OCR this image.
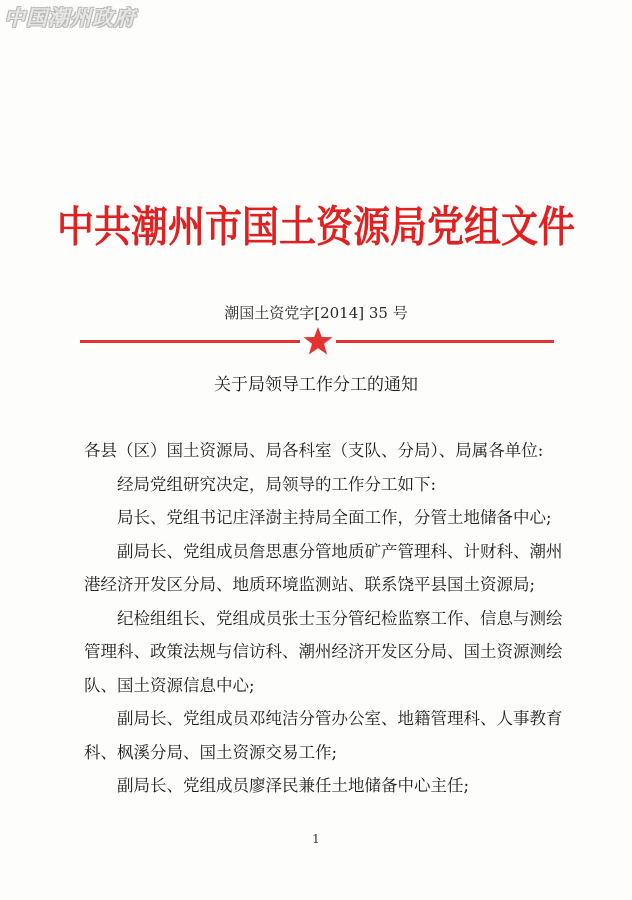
中国潮州政府
中共潮州市国土资源局党组文件
潮国土资党字[2014] 35 号
关于局领导工作分工的通知

各县（区）国土资源局、局各科室（支队、分局）、局属各单位:

经局党组研究决定，局领导的工作分工如下:

局长、党组书记庄泽澍主持局全面工作，分管土地储备中心;

副局长、党组成员詹思惠分管地质矿产管理科、计财科、潮州港经济开发区分局、地质环境监测站、联系饶平县国土资源局;

纪检组组长、党组成员张士玉分管纪检监察工作、信息与测绘管理科、政策法规与信访科、潮州经济开发区分局、国土资源测绘队、国土资源信息中心;

副局长、党组成员邓纯洁分管办公室、地籍管理科、人事教育科、枫溪分局、国土资源交易工作;

副局长、党组成员廖泽民兼任土地储备中心主任;

1
